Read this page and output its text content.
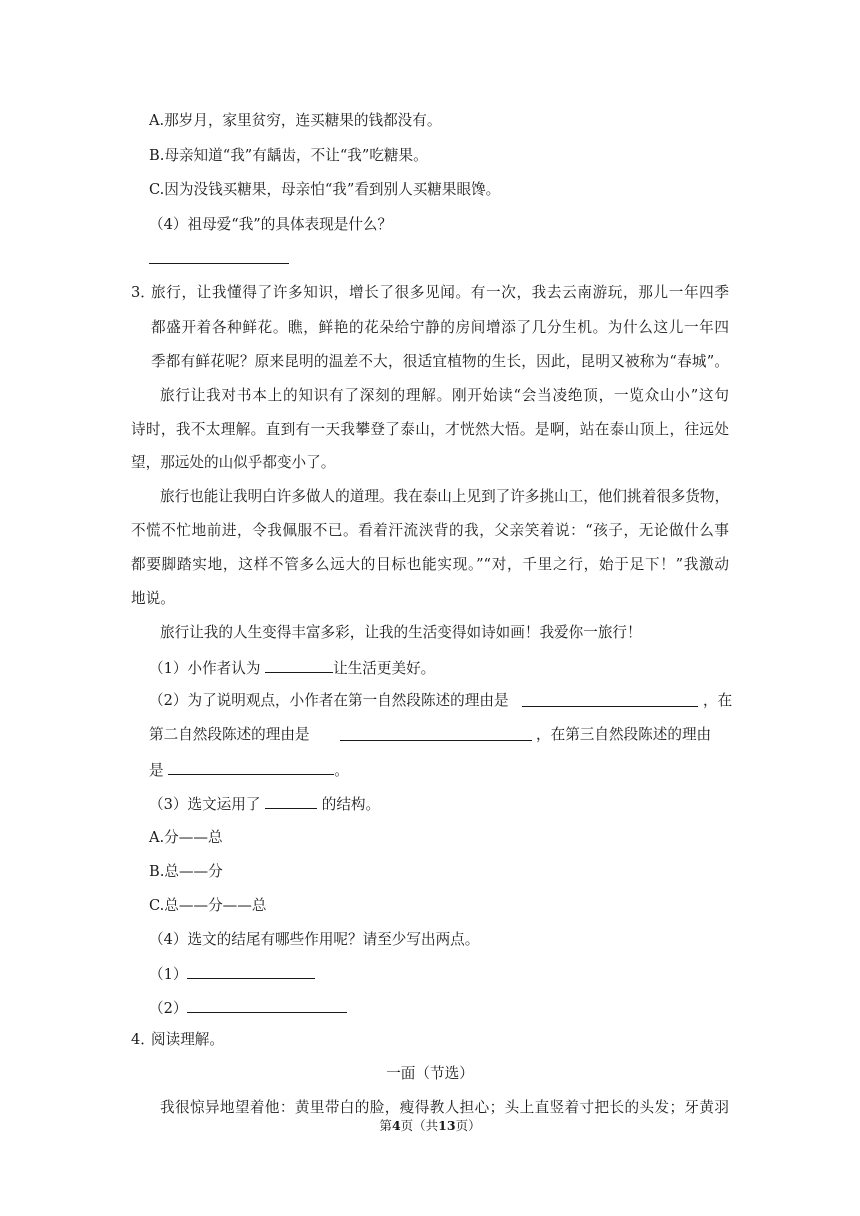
A.那岁月，家里贫穷，连买糖果的钱都没有。
B.母亲知道“我”有龋齿，不让“我”吃糖果。
C.因为没钱买糖果，母亲怕“我”看到别人买糖果眼馋。
（4）祖母爱“我”的具体表现是什么？
3．
旅行，让我懂得了许多知识，增长了很多见闻。有一次，我去云南游玩，那儿一年四季
都盛开着各种鲜花。瞧，鲜艳的花朵给宁静的房间增添了几分生机。为什么这儿一年四
季都有鲜花呢？原来昆明的温差不大，很适宜植物的生长，因此，昆明又被称为“春城”。
旅行让我对书本上的知识有了深刻的理解。刚开始读“会当凌绝顶，一览众山小”这句
诗时，我不太理解。直到有一天我攀登了泰山，才恍然大悟。是啊，站在泰山顶上，往远处
望，那远处的山似乎都变小了。
旅行也能让我明白许多做人的道理。我在泰山上见到了许多挑山工，他们挑着很多货物，
不慌不忙地前进，令我佩服不已。看着汗流浃背的我，父亲笑着说：“孩子，无论做什么事
都要脚踏实地，这样不管多么远大的目标也能实现。”“对，千里之行，始于足下！”我激动
地说。
旅行让我的人生变得丰富多彩，让我的生活变得如诗如画！我爱你一旅行！
（1）小作者认为	让生活更美好。
（2）为了说明观点，小作者在第一自然段陈述的理由是	，在
第二自然段陈述的理由是	，在第三自然段陈述的理由
是	。
（3）选文运用了	的结构。
A.分——总
B.总——分
C.总——分——总
（4）选文的结尾有哪些作用呢？请至少写出两点。
（1）
（2）
4．
阅读理解。
一面（节选）
我很惊异地望着他：黄里带白的脸，瘦得教人担心；头上直竖着寸把长的头发；牙黄羽
第4页（共13页）
